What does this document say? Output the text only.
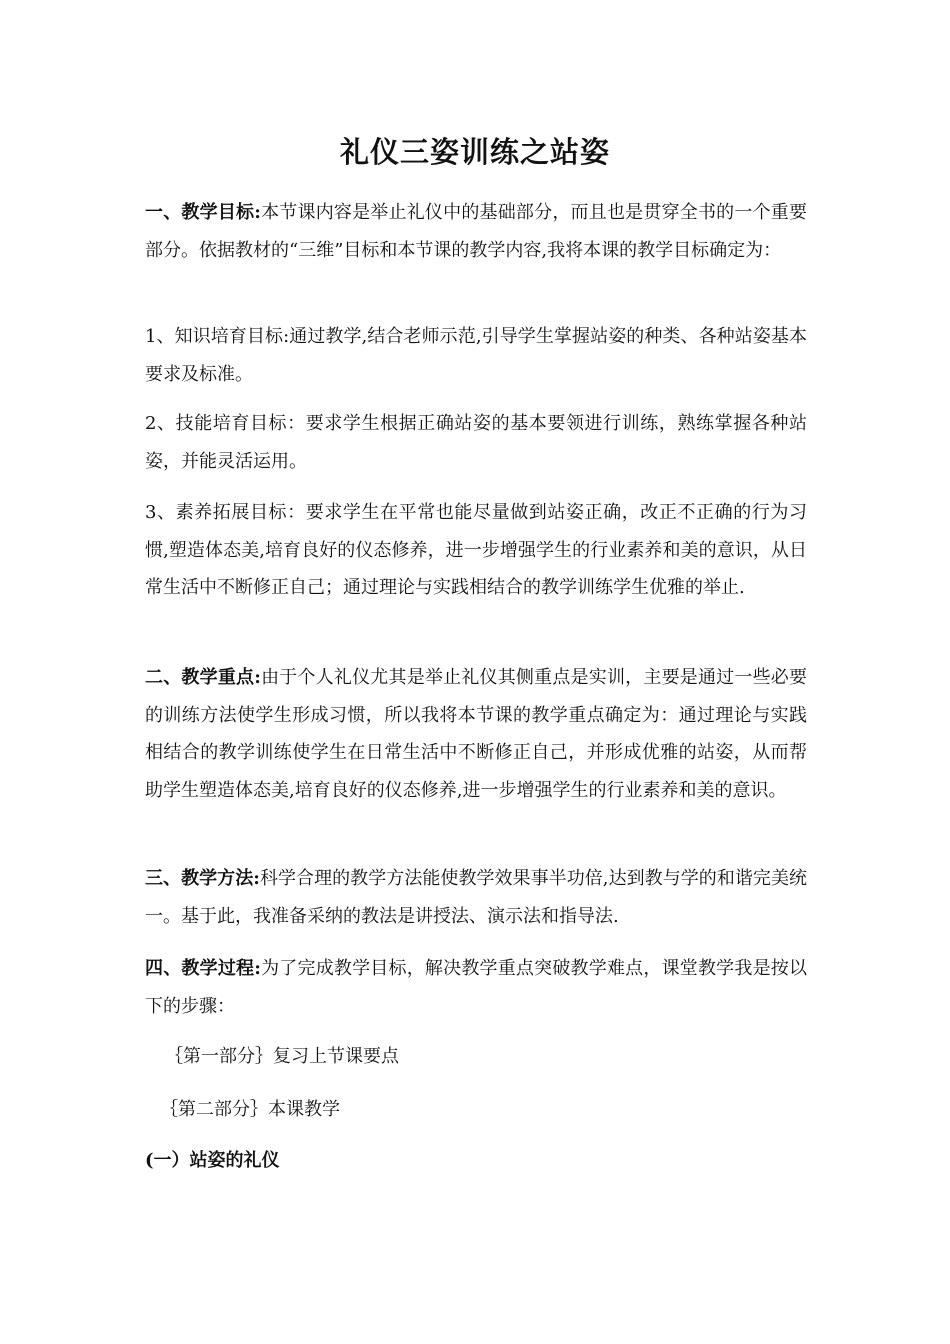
礼仪三姿训练之站姿
一、教学目标:本节课内容是举止礼仪中的基础部分，而且也是贯穿全书的一个重要部分。依据教材的“三维”目标和本节课的教学内容,我将本课的教学目标确定为：
1、知识培育目标:通过教学,结合老师示范,引导学生掌握站姿的种类、各种站姿基本要求及标准。
2、技能培育目标：要求学生根据正确站姿的基本要领进行训练，熟练掌握各种站姿，并能灵活运用。
3、素养拓展目标：要求学生在平常也能尽量做到站姿正确，改正不正确的行为习惯,塑造体态美,培育良好的仪态修养，进一步增强学生的行业素养和美的意识，从日常生活中不断修正自己；通过理论与实践相结合的教学训练学生优雅的举止.
二、教学重点:由于个人礼仪尤其是举止礼仪其侧重点是实训，主要是通过一些必要的训练方法使学生形成习惯，所以我将本节课的教学重点确定为：通过理论与实践相结合的教学训练使学生在日常生活中不断修正自己，并形成优雅的站姿，从而帮助学生塑造体态美,培育良好的仪态修养,进一步增强学生的行业素养和美的意识。
三、教学方法:科学合理的教学方法能使教学效果事半功倍,达到教与学的和谐完美统一。基于此，我准备采纳的教法是讲授法、演示法和指导法.
四、教学过程:为了完成教学目标，解决教学重点突破教学难点，课堂教学我是按以下的步骤：
｛第一部分｝复习上节课要点
｛第二部分｝本课教学
(一）站姿的礼仪
